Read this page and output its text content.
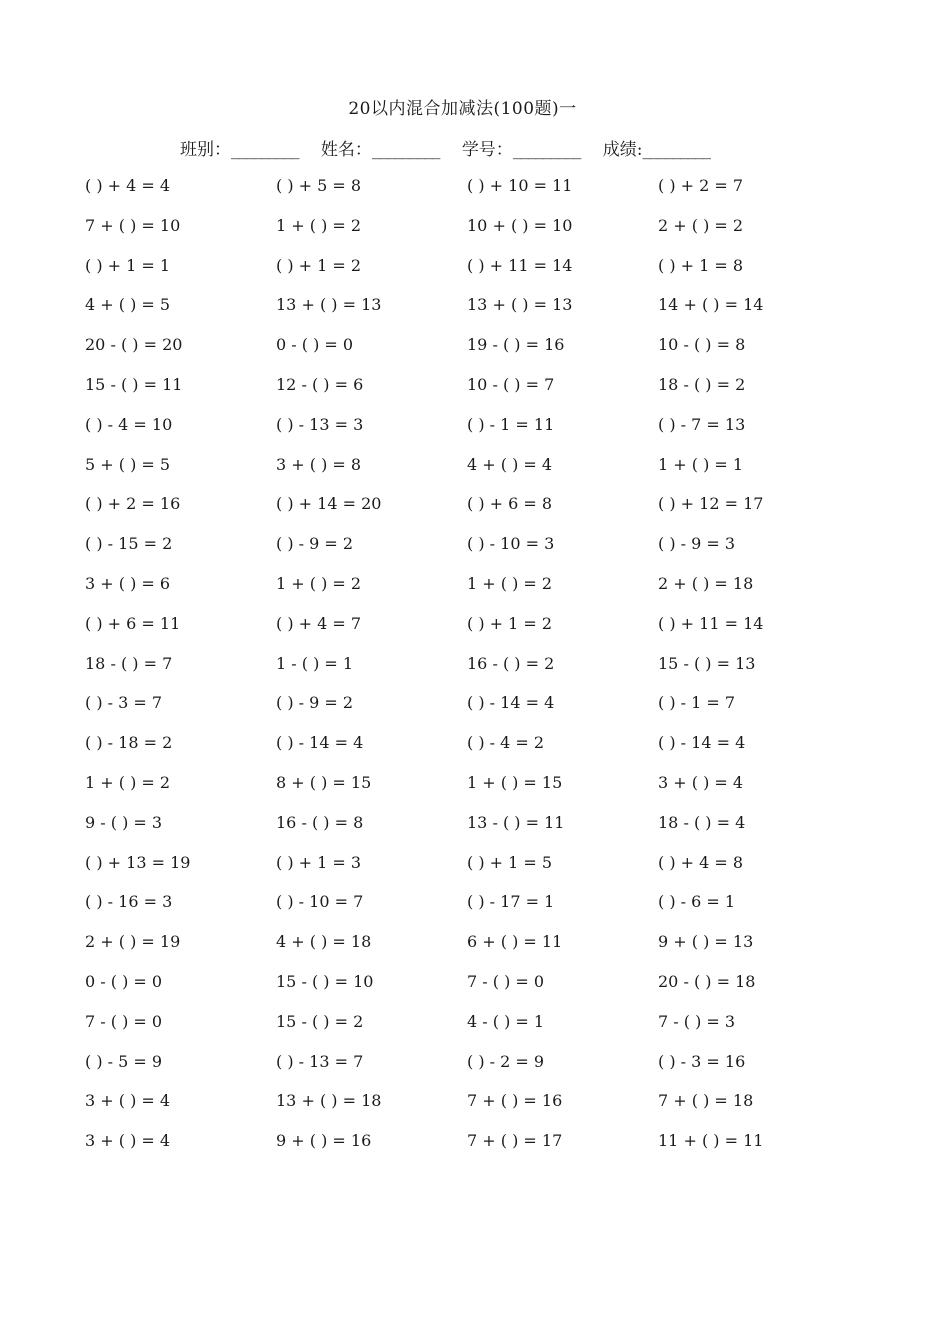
20以内混合加减法(100题)一
班别：_________ 姓名：_________ 学号：_________ 成绩:_________
( ) + 4 = 4	( ) + 5 = 8	( ) + 10 = 11	( ) + 2 = 7
7 + ( ) = 10	1 + ( ) = 2	10 + ( ) = 10	2 + ( ) = 2
( ) + 1 = 1	( ) + 1 = 2	( ) + 11 = 14	( ) + 1 = 8
4 + ( ) = 5	13 + ( ) = 13	13 + ( ) = 13	14 + ( ) = 14
20 - ( ) = 20	0 - ( ) = 0	19 - ( ) = 16	10 - ( ) = 8
15 - ( ) = 11	12 - ( ) = 6	10 - ( ) = 7	18 - ( ) = 2
( ) - 4 = 10	( ) - 13 = 3	( ) - 1 = 11	( ) - 7 = 13
5 + ( ) = 5	3 + ( ) = 8	4 + ( ) = 4	1 + ( ) = 1
( ) + 2 = 16	( ) + 14 = 20	( ) + 6 = 8	( ) + 12 = 17
( ) - 15 = 2	( ) - 9 = 2	( ) - 10 = 3	( ) - 9 = 3
3 + ( ) = 6	1 + ( ) = 2	1 + ( ) = 2	2 + ( ) = 18
( ) + 6 = 11	( ) + 4 = 7	( ) + 1 = 2	( ) + 11 = 14
18 - ( ) = 7	1 - ( ) = 1	16 - ( ) = 2	15 - ( ) = 13
( ) - 3 = 7	( ) - 9 = 2	( ) - 14 = 4	( ) - 1 = 7
( ) - 18 = 2	( ) - 14 = 4	( ) - 4 = 2	( ) - 14 = 4
1 + ( ) = 2	8 + ( ) = 15	1 + ( ) = 15	3 + ( ) = 4
9 - ( ) = 3	16 - ( ) = 8	13 - ( ) = 11	18 - ( ) = 4
( ) + 13 = 19	( ) + 1 = 3	( ) + 1 = 5	( ) + 4 = 8
( ) - 16 = 3	( ) - 10 = 7	( ) - 17 = 1	( ) - 6 = 1
2 + ( ) = 19	4 + ( ) = 18	6 + ( ) = 11	9 + ( ) = 13
0 - ( ) = 0	15 - ( ) = 10	7 - ( ) = 0	20 - ( ) = 18
7 - ( ) = 0	15 - ( ) = 2	4 - ( ) = 1	7 - ( ) = 3
( ) - 5 = 9	( ) - 13 = 7	( ) - 2 = 9	( ) - 3 = 16
3 + ( ) = 4	13 + ( ) = 18	7 + ( ) = 16	7 + ( ) = 18
3 + ( ) = 4	9 + ( ) = 16	7 + ( ) = 17	11 + ( ) = 11
